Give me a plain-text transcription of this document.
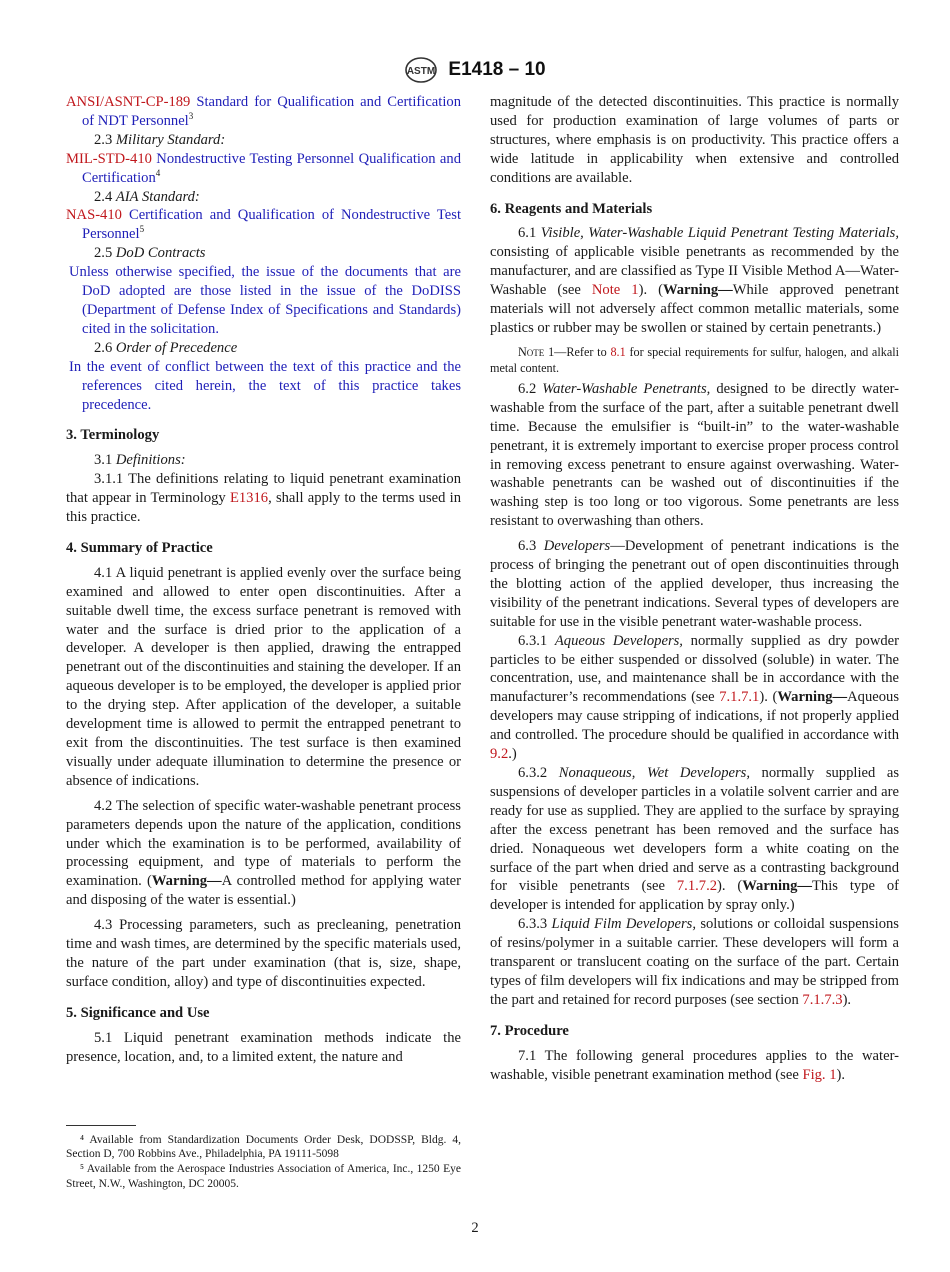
ASTM E1418 – 10

ANSI/ASNT-CP-189 Standard for Qualification and Certification of NDT Personnel$^3$

2.3 Military Standard:

MIL-STD-410 Nondestructive Testing Personnel Qualification and Certification$^4$

2.4 AIA Standard:

NAS-410 Certification and Qualification of Nondestructive Test Personnel$^5$

2.5 DoD Contracts

Unless otherwise specified, the issue of the documents that are DoD adopted are those listed in the issue of the DoDISS (Department of Defense Index of Specifications and Standards) cited in the solicitation.

2.6 Order of Precedence

In the event of conflict between the text of this practice and the references cited herein, the text of this practice takes precedence.

3. Terminology

3.1 Definitions:

3.1.1 The definitions relating to liquid penetrant examination that appear in Terminology E1316, shall apply to the terms used in this practice.

4. Summary of Practice

4.1 A liquid penetrant is applied evenly over the surface being examined and allowed to enter open discontinuities. After a suitable dwell time, the excess surface penetrant is removed with water and the surface is dried prior to the application of a developer. A developer is then applied, drawing the entrapped penetrant out of the discontinuities and staining the developer. If an aqueous developer is to be employed, the developer is applied prior to the drying step. After application of the developer, a suitable development time is allowed to permit the entrapped penetrant to exit from the discontinuities. The test surface is then examined visually under adequate illumination to determine the presence or absence of indications.

4.2 The selection of specific water-washable penetrant process parameters depends upon the nature of the application, conditions under which the examination is to be performed, availability of processing equipment, and type of materials to perform the examination. (Warning—A controlled method for applying water and disposing of the water is essential.)

4.3 Processing parameters, such as precleaning, penetration time and wash times, are determined by the specific materials used, the nature of the part under examination (that is, size, shape, surface condition, alloy) and type of discontinuities expected.

5. Significance and Use

5.1 Liquid penetrant examination methods indicate the presence, location, and, to a limited extent, the nature and

magnitude of the detected discontinuities. This practice is normally used for production examination of large volumes of parts or structures, where emphasis is on productivity. This practice offers a wide latitude in applicability when extensive and controlled conditions are available.

6. Reagents and Materials

6.1 Visible, Water-Washable Liquid Penetrant Testing Materials, consisting of applicable visible penetrants as recommended by the manufacturer, and are classified as Type II Visible Method A—Water-Washable (see Note 1). (Warning—While approved penetrant materials will not adversely affect common metallic materials, some plastics or rubber may be swollen or stained by certain penetrants.)

Note 1—Refer to 8.1 for special requirements for sulfur, halogen, and alkali metal content.

6.2 Water-Washable Penetrants, designed to be directly water-washable from the surface of the part, after a suitable penetrant dwell time. Because the emulsifier is “built-in” to the water-washable penetrant, it is extremely important to exercise proper process control in removing excess penetrant to ensure against overwashing. Water-washable penetrants can be washed out of discontinuities if the washing step is too long or too vigorous. Some penetrants are less resistant to overwashing than others.

6.3 Developers—Development of penetrant indications is the process of bringing the penetrant out of open discontinuities through the blotting action of the applied developer, thus increasing the visibility of the penetrant indications. Several types of developers are suitable for use in the visible penetrant water-washable process.

6.3.1 Aqueous Developers, normally supplied as dry powder particles to be either suspended or dissolved (soluble) in water. The concentration, use, and maintenance shall be in accordance with the manufacturer’s recommendations (see 7.1.7.1). (Warning—Aqueous developers may cause stripping of indications, if not properly applied and controlled. The procedure should be qualified in accordance with 9.2.)

6.3.2 Nonaqueous, Wet Developers, normally supplied as suspensions of developer particles in a volatile solvent carrier and are ready for use as supplied. They are applied to the surface by spraying after the excess penetrant has been removed and the surface has dried. Nonaqueous wet developers form a white coating on the surface of the part when dried and serve as a contrasting background for visible penetrants (see 7.1.7.2). (Warning—This type of developer is intended for application by spray only.)

6.3.3 Liquid Film Developers, solutions or colloidal suspensions of resins/polymer in a suitable carrier. These developers will form a transparent or translucent coating on the surface of the part. Certain types of film developers will fix indications and may be stripped from the part and retained for record purposes (see section 7.1.7.3).

7. Procedure

7.1 The following general procedures applies to the water-washable, visible penetrant examination method (see Fig. 1).

⁴ Available from Standardization Documents Order Desk, DODSSP, Bldg. 4, Section D, 700 Robbins Ave., Philadelphia, PA 19111-5098

⁵ Available from the Aerospace Industries Association of America, Inc., 1250 Eye Street, N.W., Washington, DC 20005.

2
